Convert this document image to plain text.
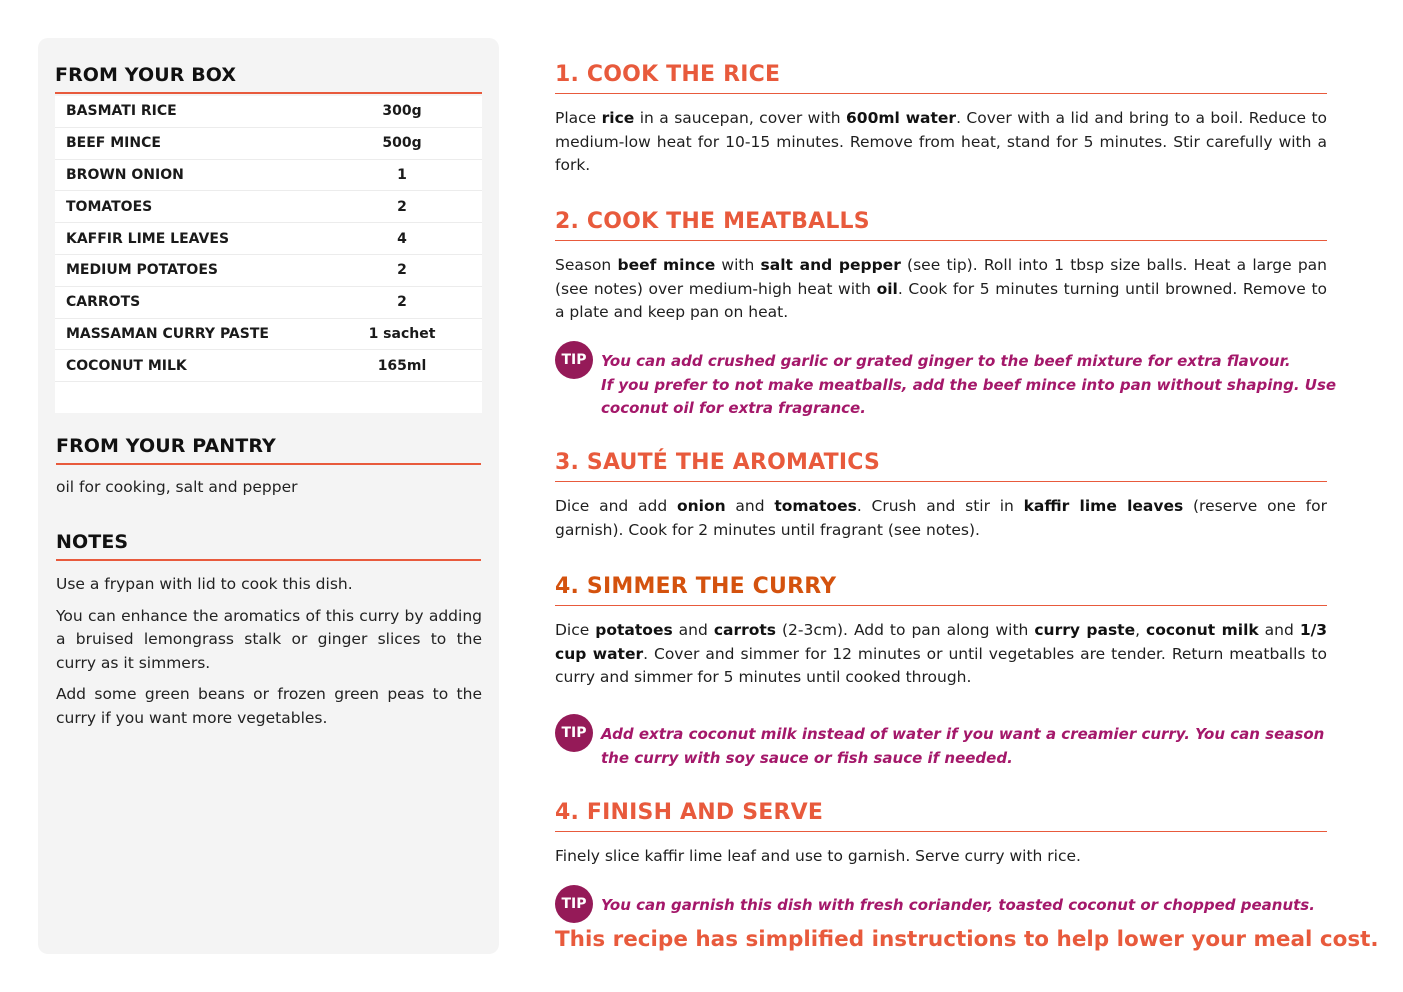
FROM YOUR BOX
BASMATI RICE	300g
BEEF MINCE	500g
BROWN ONION	1
TOMATOES	2
KAFFIR LIME LEAVES	4
MEDIUM POTATOES	2
CARROTS	2
MASSAMAN CURRY PASTE	1 sachet
COCONUT MILK	165ml
FROM YOUR PANTRY
oil for cooking, salt and pepper
NOTES

Use a frypan with lid to cook this dish.

You can enhance the aromatics of this curry by adding a bruised lemongrass stalk or ginger slices to the curry as it simmers.

Add some green beans or frozen green peas to the curry if you want more vegetables.

1. COOK THE RICE
Place rice in a saucepan, cover with 600ml water. Cover with a lid and bring to a boil. Reduce to medium-low heat for 10-15 minutes. Remove from heat, stand for 5 minutes. Stir carefully with a fork.
2. COOK THE MEATBALLS
Season beef mince with salt and pepper (see tip). Roll into 1 tbsp size balls. Heat a large pan (see notes) over medium-high heat with oil. Cook for 5 minutes turning until browned. Remove to a plate and keep pan on heat.
TIP You can add crushed garlic or grated ginger to the beef mixture for extra flavour.
If you prefer to not make meatballs, add the beef mince into pan without shaping. Use
coconut oil for extra fragrance.
3. SAUTÉ THE AROMATICS
Dice and add onion and tomatoes. Crush and stir in kaffir lime leaves (reserve one for garnish). Cook for 2 minutes until fragrant (see notes).
4. SIMMER THE CURRY
Dice potatoes and carrots (2-3cm). Add to pan along with curry paste, coconut milk and 1/3 cup water. Cover and simmer for 12 minutes or until vegetables are tender. Return meatballs to curry and simmer for 5 minutes until cooked through.
TIP Add extra coconut milk instead of water if you want a creamier curry. You can season
the curry with soy sauce or fish sauce if needed.
4. FINISH AND SERVE
Finely slice kaffir lime leaf and use to garnish. Serve curry with rice.
TIP You can garnish this dish with fresh coriander, toasted coconut or chopped peanuts.
This recipe has simplified instructions to help lower your meal cost.
